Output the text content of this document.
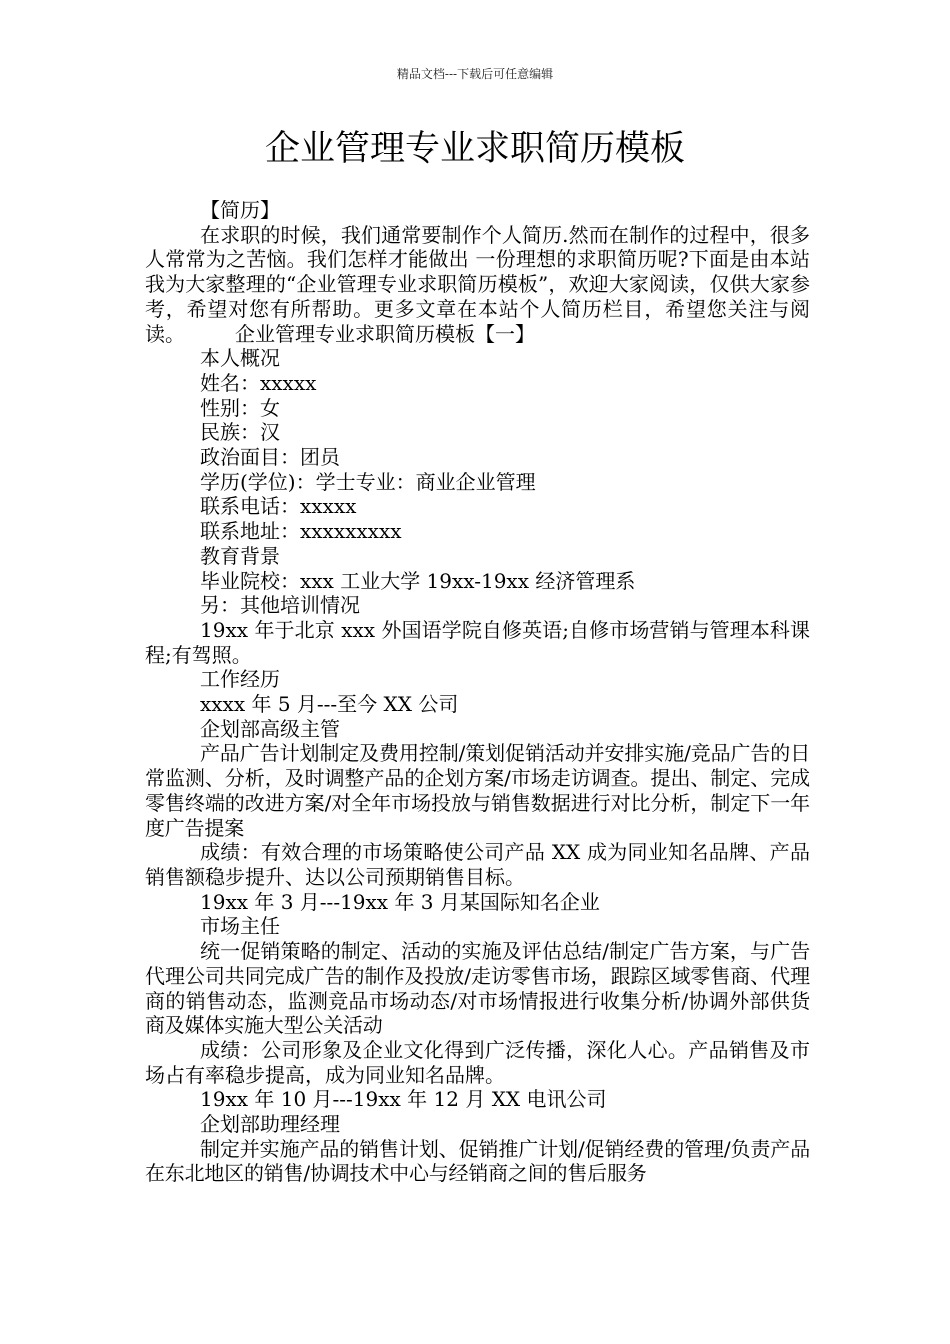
精品文档---下载后可任意编辑
企业管理专业求职简历模板

【简历】

在求职的时候，我们通常要制作个人简历.然而在制作的过程中，很多人常常为之苦恼。我们怎样才能做出 一份理想的求职简历呢?下面是由本站我为大家整理的“企业管理专业求职简历模板”，欢迎大家阅读，仅供大家参考，希望对您有所帮助。更多文章在本站个人简历栏目，希望您关注与阅读。　　　企业管理专业求职简历模板【一】

本人概况

姓名：xxxxx

性别：女

民族：汉

政治面目：团员

学历(学位)：学士专业：商业企业管理

联系电话：xxxxx

联系地址：xxxxxxxxx

教育背景

毕业院校：xxx 工业大学 19xx-19xx 经济管理系

另：其他培训情况

19xx 年于北京 xxx 外国语学院自修英语;自修市场营销与管理本科课程;有驾照。

工作经历

xxxx 年 5 月---至今 XX 公司

企划部高级主管

产品广告计划制定及费用控制/策划促销活动并安排实施/竞品广告的日常监测、分析，及时调整产品的企划方案/市场走访调查。提出、制定、完成零售终端的改进方案/对全年市场投放与销售数据进行对比分析，制定下一年度广告提案

成绩：有效合理的市场策略使公司产品 XX 成为同业知名品牌、产品销售额稳步提升、达以公司预期销售目标。

19xx 年 3 月---19xx 年 3 月某国际知名企业

市场主任

统一促销策略的制定、活动的实施及评估总结/制定广告方案，与广告代理公司共同完成广告的制作及投放/走访零售市场，跟踪区域零售商、代理商的销售动态，监测竞品市场动态/对市场情报进行收集分析/协调外部供货商及媒体实施大型公关活动

成绩：公司形象及企业文化得到广泛传播，深化人心。产品销售及市场占有率稳步提高，成为同业知名品牌。

19xx 年 10 月---19xx 年 12 月 XX 电讯公司

企划部助理经理

制定并实施产品的销售计划、促销推广计划/促销经费的管理/负责产品在东北地区的销售/协调技术中心与经销商之间的售后服务
